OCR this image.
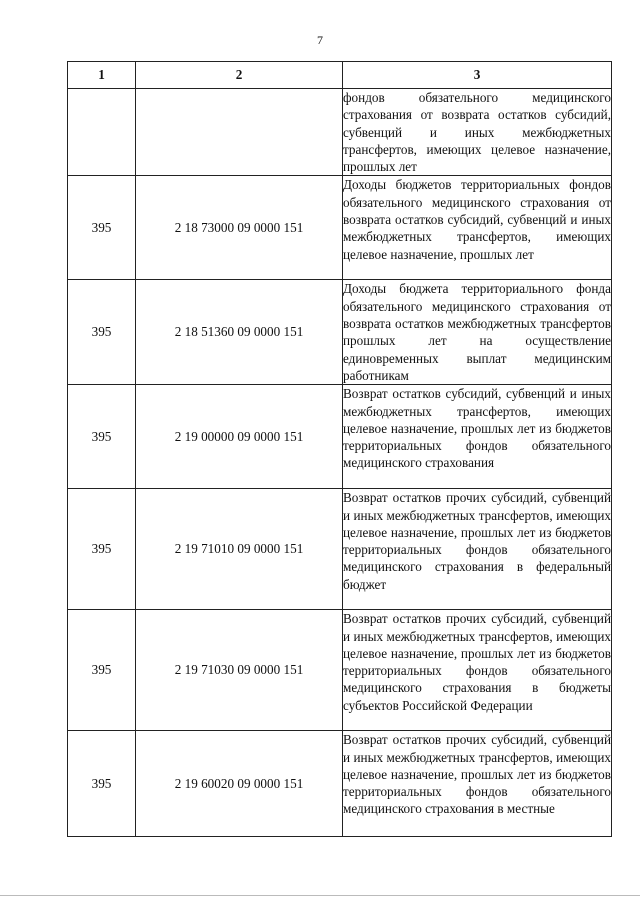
7
1	2	3
		фондов обязательного медицинского страхования от возврата остатков субсидий, субвенций и иных межбюджетных трансфертов, имеющих целевое назначение, прошлых лет
395	2 18 73000 09 0000 151	Доходы бюджетов территориальных фондов обязательного медицинского страхования от возврата остатков субсидий, субвенций и иных межбюджетных трансфертов, имеющих целевое назначение, прошлых лет
395	2 18 51360 09 0000 151	Доходы бюджета территориального фонда обязательного медицинского страхования от возврата остатков межбюджетных трансфертов прошлых лет на осуществление единовременных выплат медицинским работникам
395	2 19 00000 09 0000 151	Возврат остатков субсидий, субвенций и иных межбюджетных трансфертов, имеющих целевое назначение, прошлых лет из бюджетов территориальных фондов обязательного медицинского страхования
395	2 19 71010 09 0000 151	Возврат остатков прочих субсидий, субвенций и иных межбюджетных трансфертов, имеющих целевое назначение, прошлых лет из бюджетов территориальных фондов обязательного медицинского страхования в федеральный бюджет
395	2 19 71030 09 0000 151	Возврат остатков прочих субсидий, субвенций и иных межбюджетных трансфертов, имеющих целевое назначение, прошлых лет из бюджетов территориальных фондов обязательного медицинского страхования в бюджеты субъектов Российской Федерации
395	2 19 60020 09 0000 151	Возврат остатков прочих субсидий, субвенций и иных межбюджетных трансфертов, имеющих целевое назначение, прошлых лет из бюджетов территориальных фондов обязательного медицинского страхования в местные
